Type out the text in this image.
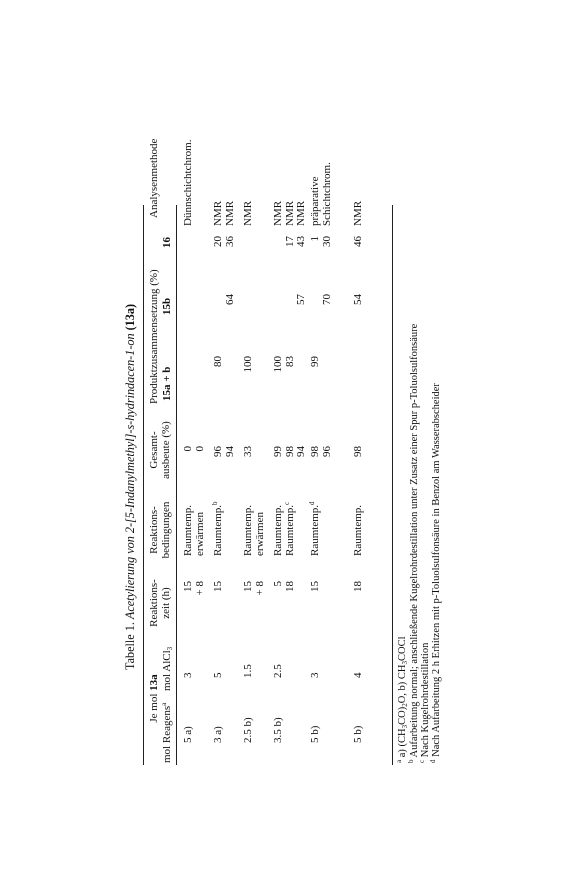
Tabelle 1. Acetylierung von 2-[5-Indanylmethyl]-s-hydrindacen-1-on (13a)
Je mol 13a
mol Reagens$^a$
mol AlCl$_3$
Reaktions- zeit (h)
Reaktions- bedingungen
Gesamt- ausbeute (%)
Produktzusammensetzung (%) 15a + b
15b
16
Analysenmethode
5 a)
3
15 + 8
0 0
Dünnschichtchrom.
Raumtemp. erwärmen
3 a)
5
15
96 94
80
64
20 36
NMR NMR
Raumtemp.$^b$
2.5 b)
1.5
15 + 8
33
100
NMR
Raumtemp. erwärmen
3.5 b)
2.5
5 18
99 98 94
100 83
57
17 43
NMR NMR NMR
Raumtemp. Raumtemp.$^c$
5 b)
3
15
98 96
99
70
1 30
präparative Schichtchrom.
Raumtemp.$^d$
5 b)
4
18
98
54
46
NMR
Raumtemp.
$^a$ a) $(CH_3CO)_2O$, b) $CH_3COCl$
$^b$ Aufarbeitung normal; anschließende Kugelrohrdestillation unter Zusatz einer Spur p-Toluolsulfonsäure
$^c$ Nach Kugelrohrdestillation
$^d$ Nach Aufarbeitung 2 h Erhitzen mit p-Toluolsulfonsäure in Benzol am Wasserabscheider
